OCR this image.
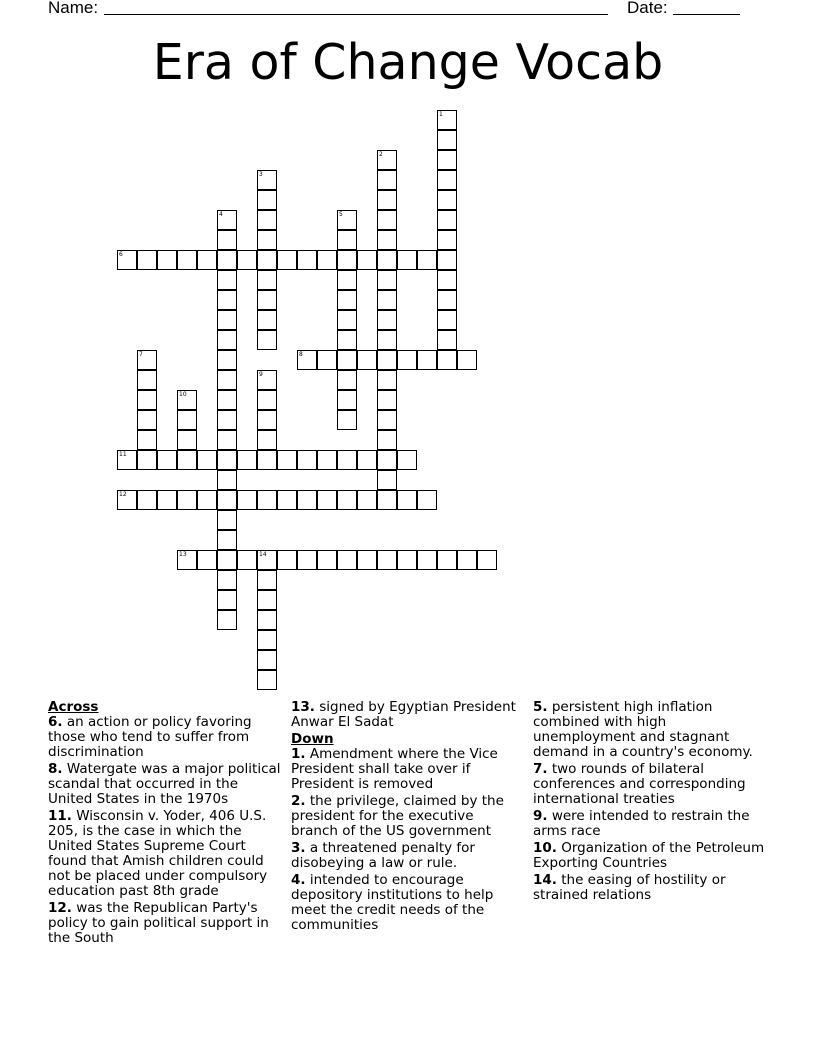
Name:	Date:
Era of Change Vocab
1
2
3
4	5
6
7	8
9
10
11
12
13	14
Across
6. an action or policy favoring those who tend to suffer from discrimination
8. Watergate was a major political scandal that occurred in the United States in the 1970s
11. Wisconsin v. Yoder, 406 U.S. 205, is the case in which the United States Supreme Court found that Amish children could not be placed under compulsory education past 8th grade
12. was the Republican Party's policy to gain political support in the South
13. signed by Egyptian President Anwar El Sadat
Down
1. Amendment where the Vice President shall take over if President is removed
2. the privilege, claimed by the president for the executive branch of the US government
3. a threatened penalty for disobeying a law or rule.
4. intended to encourage depository institutions to help meet the credit needs of the communities
5. persistent high inflation combined with high unemployment and stagnant demand in a country's economy.
7. two rounds of bilateral conferences and corresponding international treaties
9. were intended to restrain the arms race
10. Organization of the Petroleum Exporting Countries
14. the easing of hostility or strained relations
